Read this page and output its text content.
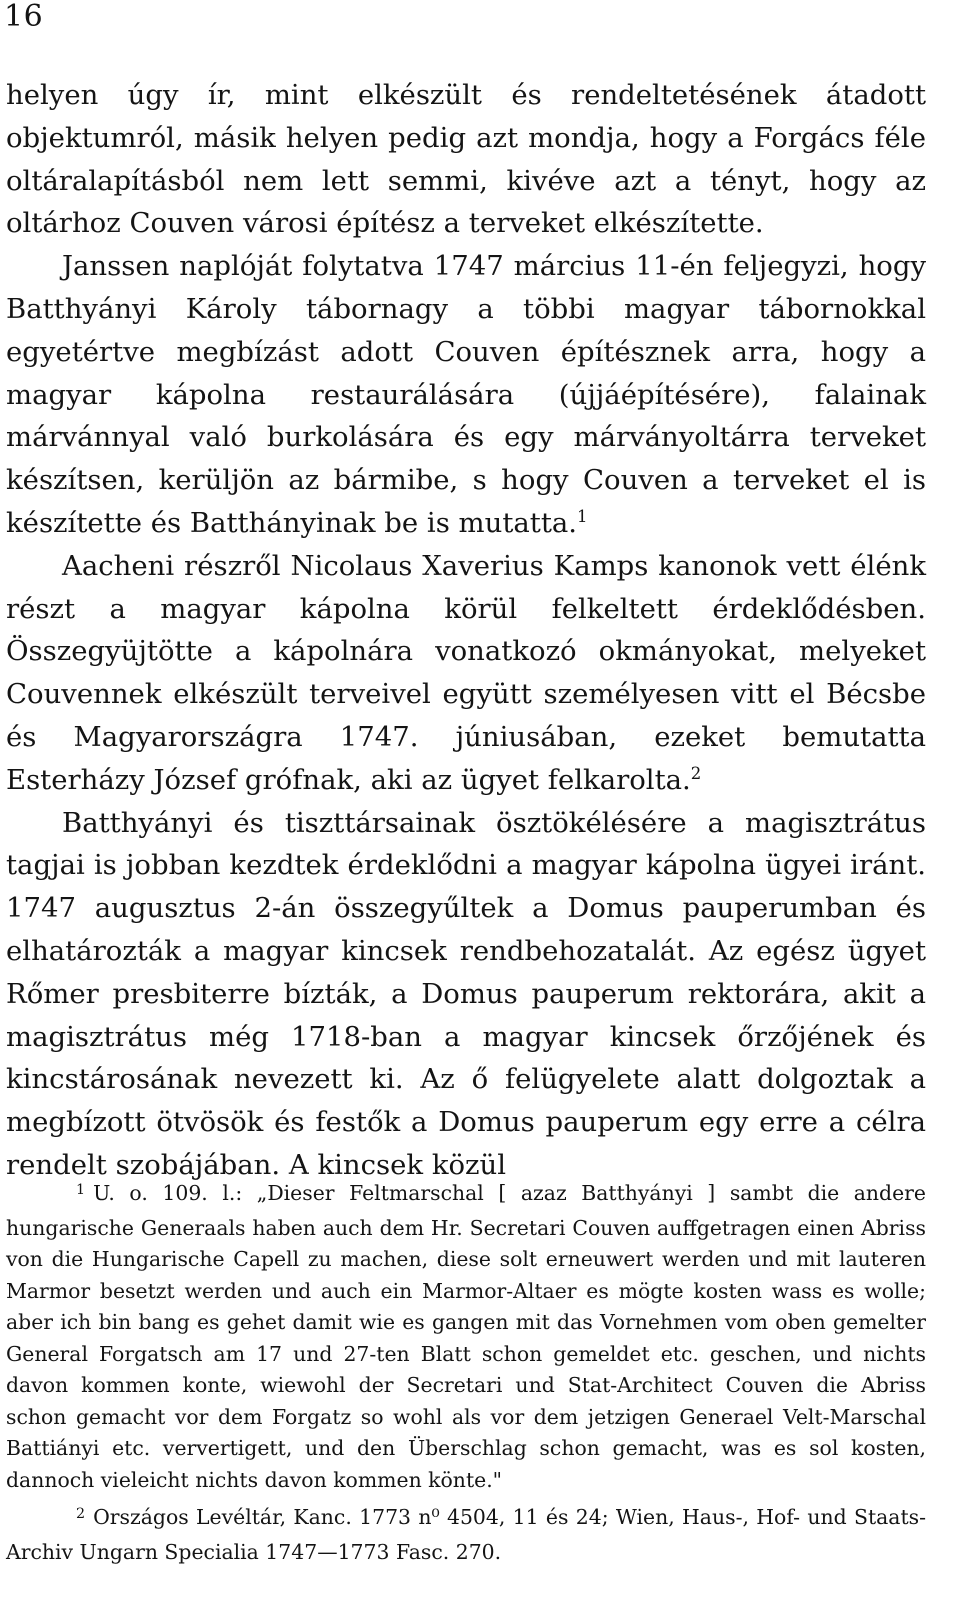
16

helyen úgy ír, mint elkészült és rendeltetésének átadott objektumról, másik helyen pedig azt mondja, hogy a Forgács féle oltáralapításból nem lett semmi, kivéve azt a tényt, hogy az oltárhoz Couven városi építész a terveket elkészítette.

Janssen naplóját folytatva 1747 március 11-én feljegyzi, hogy Batthyányi Károly tábornagy a többi magyar tábornokkal egyetértve megbízást adott Couven építésznek arra, hogy a magyar kápolna restaurálására (újjáépítésére), falainak márvánnyal való burkolására és egy márványoltárra terveket készítsen, kerüljön az bármibe, s hogy Couven a terveket el is készítette és Batthányinak be is mutatta.$^1$

Aacheni részről Nicolaus Xaverius Kamps kanonok vett élénk részt a magyar kápolna körül felkeltett érdeklődésben. Összegyüjtötte a kápolnára vonatkozó okmányokat, melyeket Couvennek elkészült terveivel együtt személyesen vitt el Bécsbe és Magyarországra 1747. júniusában, ezeket bemutatta Esterházy József grófnak, aki az ügyet felkarolta.$^2$

Batthyányi és tiszttársainak ösztökélésére a magisztrátus tagjai is jobban kezdtek érdeklődni a magyar kápolna ügyei iránt. 1747 augusztus 2-án összegyűltek a Domus pauperumban és elhatározták a magyar kincsek rendbehozatalát. Az egész ügyet Rőmer presbiterre bízták, a Domus pauperum rektorára, akit a magisztrátus még 1718-ban a magyar kincsek őrzőjének és kincstárosának nevezett ki. Az ő felügyelete alatt dolgoztak a megbízott ötvösök és festők a Domus pauperum egy erre a célra rendelt szobájában. A kincsek közül

$^1$ U. o. 109. l.: „Dieser Feltmarschal [ azaz Batthyányi ] sambt die andere hungarische Generaals haben auch dem Hr. Secretari Couven auffgetragen einen Abriss von die Hungarische Capell zu machen, diese solt erneuwert werden und mit lauteren Marmor besetzt werden und auch ein Marmor-Altaer es mögte kosten wass es wolle; aber ich bin bang es gehet damit wie es gangen mit das Vornehmen vom oben gemelter General Forgatsch am 17 und 27-ten Blatt schon gemeldet etc. geschen, und nichts davon kommen konte, wiewohl der Secretari und Stat-Architect Couven die Abriss schon gemacht vor dem Forgatz so wohl als vor dem jetzigen Generael Velt-Marschal Battiányi etc. ververtigett, und den Überschlag schon gemacht, was es sol kosten, dannoch vieleicht nichts davon kommen könte."

$^2$ Országos Levéltár, Kanc. 1773 n⁰ 4504, 11 és 24; Wien, Haus-, Hof- und Staats-Archiv Ungarn Specialia 1747—1773 Fasc. 270.
